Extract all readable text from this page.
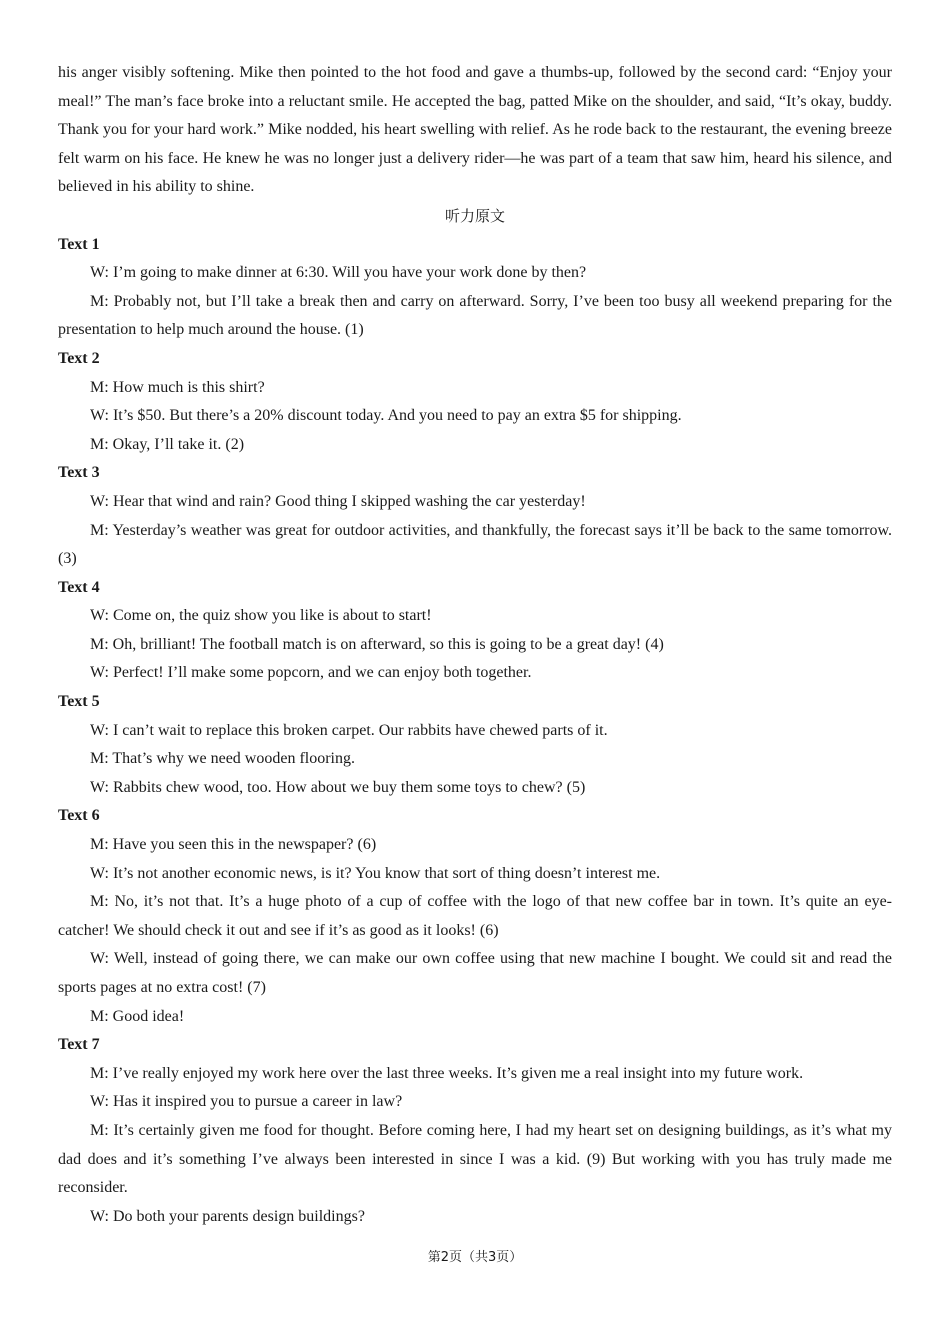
his anger visibly softening. Mike then pointed to the hot food and gave a thumbs-up, followed by the second card: “Enjoy your meal!” The man’s face broke into a reluctant smile. He accepted the bag, patted Mike on the shoulder, and said, “It’s okay, buddy. Thank you for your hard work.” Mike nodded, his heart swelling with relief. As he rode back to the restaurant, the evening breeze felt warm on his face. He knew he was no longer just a delivery rider—he was part of a team that saw him, heard his silence, and believed in his ability to shine.

听力原文

Text 1

W: I’m going to make dinner at 6:30. Will you have your work done by then?

M: Probably not, but I’ll take a break then and carry on afterward. Sorry, I’ve been too busy all weekend preparing for the presentation to help much around the house. (1)

Text 2

M: How much is this shirt?

W: It’s $50. But there’s a 20% discount today. And you need to pay an extra $5 for shipping.

M: Okay, I’ll take it. (2)

Text 3

W: Hear that wind and rain? Good thing I skipped washing the car yesterday!

M: Yesterday’s weather was great for outdoor activities, and thankfully, the forecast says it’ll be back to the same tomorrow. (3)

Text 4

W: Come on, the quiz show you like is about to start!

M: Oh, brilliant! The football match is on afterward, so this is going to be a great day! (4)

W: Perfect! I’ll make some popcorn, and we can enjoy both together.

Text 5

W: I can’t wait to replace this broken carpet. Our rabbits have chewed parts of it.

M: That’s why we need wooden flooring.

W: Rabbits chew wood, too. How about we buy them some toys to chew? (5)

Text 6

M: Have you seen this in the newspaper? (6)

W: It’s not another economic news, is it? You know that sort of thing doesn’t interest me.

M: No, it’s not that. It’s a huge photo of a cup of coffee with the logo of that new coffee bar in town. It’s quite an eye-catcher! We should check it out and see if it’s as good as it looks! (6)

W: Well, instead of going there, we can make our own coffee using that new machine I bought. We could sit and read the sports pages at no extra cost! (7)

M: Good idea!

Text 7

M: I’ve really enjoyed my work here over the last three weeks. It’s given me a real insight into my future work.

W: Has it inspired you to pursue a career in law?

M: It’s certainly given me food for thought. Before coming here, I had my heart set on designing buildings, as it’s what my dad does and it’s something I’ve always been interested in since I was a kid. (9) But working with you has truly made me reconsider.

W: Do both your parents design buildings?

第2页（共3页）
